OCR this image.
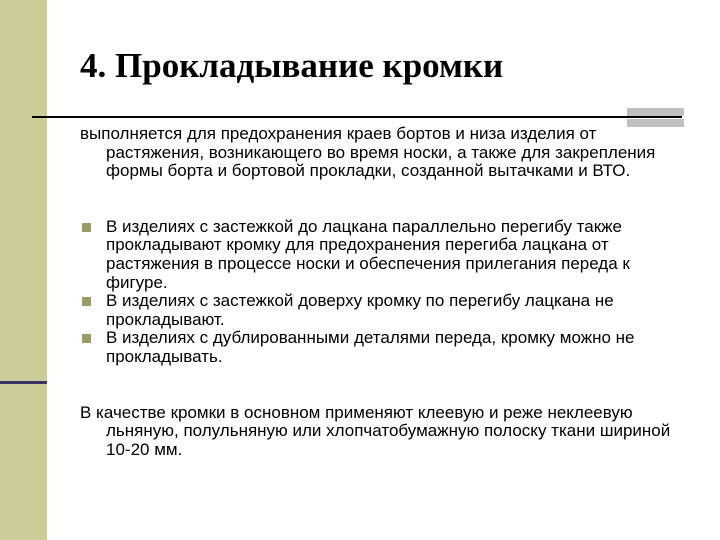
4. Прокладывание кромки

выполняется для предохранения краев бортов и низа изделия от растяжения, возникающего во время носки, а также для закрепления формы борта и бортовой прокладки, созданной вытачками и ВТО.

В изделиях с застежкой до лацкана параллельно перегибу также прокладывают кромку для предохранения перегиба лацкана от растяжения в процессе носки и обеспечения прилегания переда к фигуре.
В изделиях с застежкой доверху кромку по перегибу лацкана не прокладывают.
В изделиях с дублированными деталями переда, кромку можно не прокладывать.

В качестве кромки в основном применяют клеевую и реже неклеевую льняную, полульняную или хлопчатобумажную полоску ткани шириной 10-20 мм.
